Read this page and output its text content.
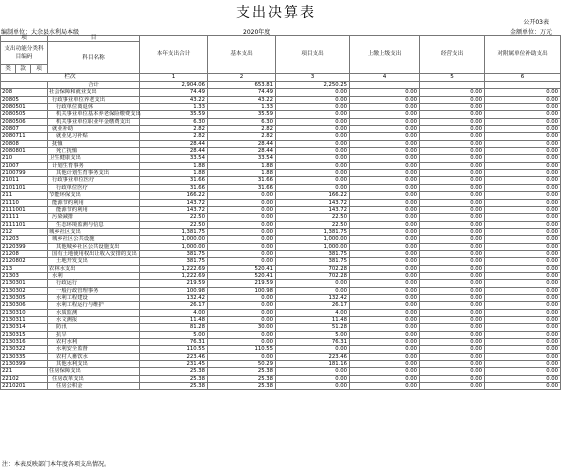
支出决算表
公开03表
编制单位：大余县水利局本级	2020年度	金额单位：万元
项			目	本年支出合计	基本支出	项目支出	上缴上级支出	经营支出	对附属单位补助支出
支出功能分类科目编码			科目名称						
类	款	项							
栏次				1	2	3	4	5	6
			合计	2,904.06	653.81	2,250.25			
208			社会保障和就业支出	74.49	74.49	0.00	0.00	0.00	0.00
20805			行政事业单位养老支出	43.22	43.22	0.00	0.00	0.00	0.00
2080501			行政单位离退休	1.33	1.33	0.00	0.00	0.00	0.00
2080505			机关事业单位基本养老保险缴费支出	35.59	35.59	0.00	0.00	0.00	0.00
2080506			机关事业单位职业年金缴费支出	6.30	6.30	0.00	0.00	0.00	0.00
20807			就业补助	2.82	2.82	0.00	0.00	0.00	0.00
2080711			就业见习补贴	2.82	2.82	0.00	0.00	0.00	0.00
20808			抚恤	28.44	28.44	0.00	0.00	0.00	0.00
2080801			死亡抚恤	28.44	28.44	0.00	0.00	0.00	0.00
210			卫生健康支出	33.54	33.54	0.00	0.00	0.00	0.00
21007			计划生育事务	1.88	1.88	0.00	0.00	0.00	0.00
2100799			其他计划生育事务支出	1.88	1.88	0.00	0.00	0.00	0.00
21011			行政事业单位医疗	31.66	31.66	0.00	0.00	0.00	0.00
2101101			行政单位医疗	31.66	31.66	0.00	0.00	0.00	0.00
211			节能环保支出	166.22	0.00	166.22	0.00	0.00	0.00
21110			能源节约利用	143.72	0.00	143.72	0.00	0.00	0.00
2111001			能源节约利用	143.72	0.00	143.72	0.00	0.00	0.00
21111			污染减排	22.50	0.00	22.50	0.00	0.00	0.00
2111101			生态环境监测与信息	22.50	0.00	22.50	0.00	0.00	0.00
212			城乡社区支出	1,381.75	0.00	1,381.75	0.00	0.00	0.00
21203			城乡社区公共设施	1,000.00	0.00	1,000.00	0.00	0.00	0.00
2120399			其他城乡社区公共设施支出	1,000.00	0.00	1,000.00	0.00	0.00	0.00
21208			国有土地使用权出让收入安排的支出	381.75	0.00	381.75	0.00	0.00	0.00
2120802			土地开发支出	381.75	0.00	381.75	0.00	0.00	0.00
213			农林水支出	1,222.69	520.41	702.28	0.00	0.00	0.00
21303			水利	1,222.69	520.41	702.28	0.00	0.00	0.00
2130301			行政运行	219.59	219.59	0.00	0.00	0.00	0.00
2130302			一般行政管理事务	100.98	100.98	0.00	0.00	0.00	0.00
2130305			水利工程建设	132.42	0.00	132.42	0.00	0.00	0.00
2130306			水利工程运行与维护	26.17	0.00	26.17	0.00	0.00	0.00
2130310			水质监测	4.00	0.00	4.00	0.00	0.00	0.00
2130311			水文测报	11.48	0.00	11.48	0.00	0.00	0.00
2130314			防汛	81.28	30.00	51.28	0.00	0.00	0.00
2130315			抗旱	5.00	0.00	5.00	0.00	0.00	0.00
2130316			农村水利	76.31	0.00	76.31	0.00	0.00	0.00
2130322			水利安全监督	110.55	110.55	0.00	0.00	0.00	0.00
2130335			农村人畜饮水	223.46	0.00	223.46	0.00	0.00	0.00
2130399			其他水利支出	231.45	50.29	181.16	0.00	0.00	0.00
221			住房保障支出	25.38	25.38	0.00	0.00	0.00	0.00
22102			住房改革支出	25.38	25.38	0.00	0.00	0.00	0.00
2210201			住房公积金	25.38	25.38	0.00	0.00	0.00	0.00
注：本表反映部门本年度各项支出情况。
